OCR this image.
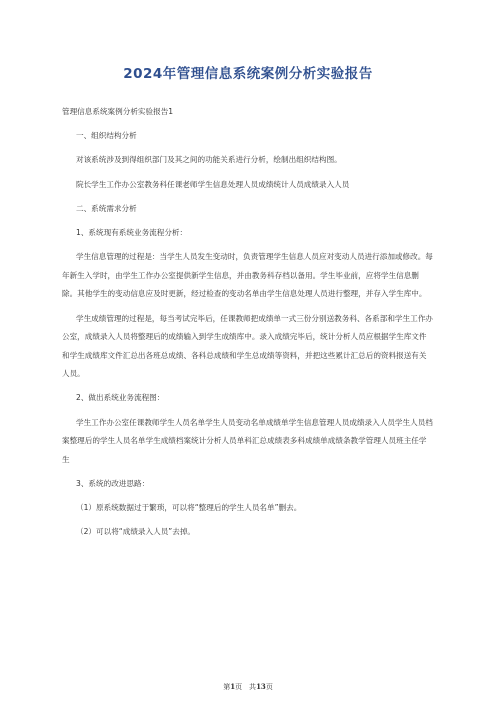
2024年管理信息系统案例分析实验报告

管理信息系统案例分析实验报告1

一、组织结构分析

对该系统涉及到得组织部门及其之间的功能关系进行分析，绘制出组织结构图。

院长学生工作办公室教务科任课老师学生信息处理人员成绩统计人员成绩录入人员

二、系统需求分析

1、系统现有系统业务流程分析：

学生信息管理的过程是：当学生人员发生变动时，负责管理学生信息人员应对变动人员进行添加或修改。每年新生入学时，由学生工作办公室提供新学生信息，并由教务科存档以备用。学生毕业前，应将学生信息删除。其他学生的变动信息应及时更新，经过检查的变动名单由学生信息处理人员进行整理，并存入学生库中。

学生成绩管理的过程是，每当考试完毕后，任课教师把成绩单一式三份分别送教务科、各系部和学生工作办公室，成绩录入人员将整理后的成绩输入到学生成绩库中。录入成绩完毕后，统计分析人员应根据学生库文件和学生成绩库文件汇总出各班总成绩、各科总成绩和学生总成绩等资料，并把这些累计汇总后的资料报送有关人员。

2、做出系统业务流程图：

学生工作办公室任课教师学生人员名单学生人员变动名单成绩单学生信息管理人员成绩录入人员学生人员档案整理后的学生人员名单学生成绩档案统计分析人员单科汇总成绩表多科成绩单成绩条教学管理人员班主任学生

3、系统的改进思路：

（1）原系统数据过于繁琐，可以将“整理后的学生人员名单”删去。

（2）可以将“成绩录入人员”去掉。

第1页　共13页
